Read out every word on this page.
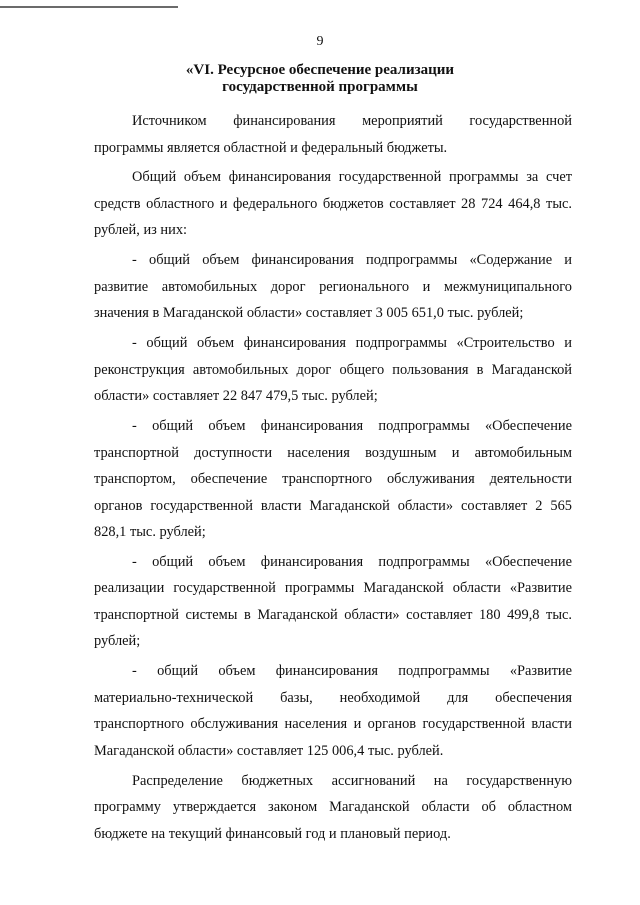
9
«VI. Ресурсное обеспечение реализации
государственной программы

Источником финансирования мероприятий государственной программы является областной и федеральный бюджеты.

Общий объем финансирования государственной программы за счет средств областного и федерального бюджетов составляет 28 724 464,8 тыс. рублей, из них:

- общий объем финансирования подпрограммы «Содержание и развитие автомобильных дорог регионального и межмуниципального значения в Магаданской области» составляет 3 005 651,0 тыс. рублей;

- общий объем финансирования подпрограммы «Строительство и реконструкция автомобильных дорог общего пользования в Магаданской области» составляет 22 847 479,5 тыс. рублей;

- общий объем финансирования подпрограммы «Обеспечение транспортной доступности населения воздушным и автомобильным транспортом, обеспечение транспортного обслуживания деятельности органов государственной власти Магаданской области» составляет 2 565 828,1 тыс. рублей;

- общий объем финансирования подпрограммы «Обеспечение реализации государственной программы Магаданской области «Развитие транспортной системы в Магаданской области» составляет 180 499,8 тыс. рублей;

- общий объем финансирования подпрограммы «Развитие материально-технической базы, необходимой для обеспечения транспортного обслуживания населения и органов государственной власти Магаданской области» составляет 125 006,4 тыс. рублей.

Распределение бюджетных ассигнований на государственную программу утверждается законом Магаданской области об областном бюджете на текущий финансовый год и плановый период.
